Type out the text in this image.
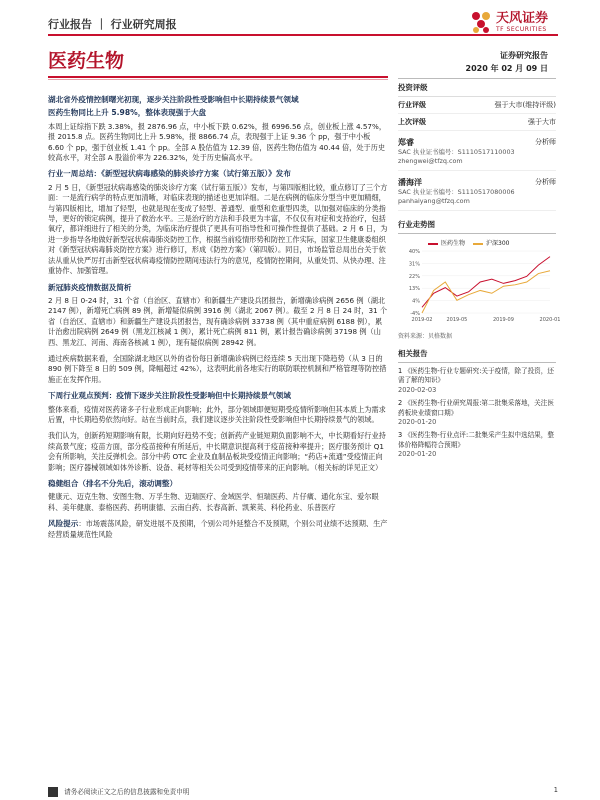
行业报告 ｜ 行业研究周报	天风证券
TF SECURITIES
医药生物	证券研究报告
2020 年 02 月 09 日
湖北省外疫情控制曙光初现，逐步关注阶段性受影响但中长期持续景气领域
医药生物同比上升 5.98%，整体表现强于大盘

本周上证综指下跌 3.38%，报 2876.96 点，中小板下跌 0.62%，报 6996.56 点，创业板上涨 4.57%，报 2015.8 点。医药生物同比上升 5.98%，报 8866.74 点，表现强于上证 9.36 个 pp，强于中小板 6.60 个 pp，强于创业板 1.41 个 pp。全部 A 股估值为 12.39 倍，医药生物估值为 40.44 倍，处于历史较高水平，对全部 A 股溢价率为 226.32%，处于历史偏高水平。

行业一周总结：《新型冠状病毒感染的肺炎诊疗方案（试行第五版）》发布

2 月 5 日，《新型冠状病毒感染的肺炎诊疗方案（试行第五版）》发布，与第四版相比较，重点修订了三个方面：一是流行病学的特点更加清晰，对临床表现的描述也更加详细。二是在病例的临床分型当中更加精细，与第四版相比，增加了轻型，也就是现在变成了轻型、普通型、重型和危重型四类，以加强对临床的分类指导，更好的锁定病例，提升了救治水平。三是治疗的方法和手段更为丰富，不仅仅有对症和支持治疗，包括氧疗，都详细进行了相关的分类，为临床治疗提供了更具有可指导性和可操作性提供了基础。2 月 6 日，为进一步指导各地做好新型冠状病毒肺炎防控工作，根据当前疫情形势和防控工作实际，国家卫生健康委组织对《新型冠状病毒肺炎防控方案》进行修订，形成《防控方案》（第四版）。同日，市场监管总局出台关于依法从重从快严厉打击新型冠状病毒疫情防控期间违法行为的意见，疫情防控期间，从重处罚、从快办理、注重协作、加强管理。

新冠肺炎疫情数据及简析

2 月 8 日 0-24 时，31 个省（自治区、直辖市）和新疆生产建设兵团报告，新增确诊病例 2656 例（湖北 2147 例），新增死亡病例 89 例，新增疑似病例 3916 例（湖北 2067 例）。截至 2 月 8 日 24 时，31 个省（自治区、直辖市）和新疆生产建设兵团报告，现有确诊病例 33738 例（其中重症病例 6188 例），累计治愈出院病例 2649 例（黑龙江核减 1 例），累计死亡病例 811 例，累计报告确诊病例 37198 例（山西、黑龙江、河南、海南各核减 1 例），现有疑似病例 28942 例。

通过疾病数据来看，全国除湖北地区以外的省份每日新增确诊病例已经连续 5 天出现下降趋势（从 3 日的 890 例下降至 8 日的 509 例，降幅超过 42%），这表明此前各地实行的联防联控机制和严格管理等防控措施正在发挥作用。

下周行业观点预判：疫情下逐步关注阶段性受影响但中长期持续景气领域

整体来看，疫情对医药诸多子行业形成正向影响；此外，部分领域即便短期受疫情所影响但其本质上为需求后置，中长期趋势依然向好。站在当前时点，我们建议逐步关注阶段性受影响但中长期持续景气的领域。

我们认为，创新药短期影响有限，长期向好趋势不变；创新药产业链短期负面影响不大，中长期看好行业持续高景气度；疫苗方面，部分疫苗接种有所延后，中长期意识提高利于疫苗接种率提升；医疗服务预计 Q1 会有所影响，关注反弹机会。部分中药 OTC 企业及血制品板块受疫情正向影响；“药店+流通”受疫情正向影响；医疗器械领域如体外诊断、设备、耗材等相关公司受到疫情带来的正向影响。（相关标的详见正文）

稳健组合（排名不分先后，滚动调整）

健康元、迈克生物、安图生物、万孚生物、迈瑞医疗、金域医学、恒瑞医药、片仔癀、通化东宝、爱尔眼科、美年健康、泰格医药、药明康德、云南白药、长春高新、凯莱英、科伦药业、乐普医疗

风险提示：市场震荡风险，研发进展不及预期，个别公司外延整合不及预期，个别公司业绩不达预期、生产经营质量规范性风险

投资评级
行业评级	强于大市(维持评级)
上次评级	强于大市
郑睿	分析师
SAC 执业证书编号：S1110517110003
zhengwei@tfzq.com
潘海洋	分析师
SAC 执业证书编号：S1110517080006
panhaiyang@tfzq.com
行业走势图
医药生物	沪深300
40%
31%
22%
13%
4%
-4%
2019-02	2019-05	2019-09	2020-01
资料来源：贝格数据
相关报告
1 《医药生物-行业专题研究:关于疫情，除了投资，还需了解的知识》
2020-02-03
2 《医药生物-行业研究周报:第二批集采落地，关注医药板块业绩窗口期》
2020-01-20
3 《医药生物-行业点评:二批集采产生拟中选结果，整体价格降幅符合预期》
2020-01-20
请务必阅读正文之后的信息披露和免责申明	1
